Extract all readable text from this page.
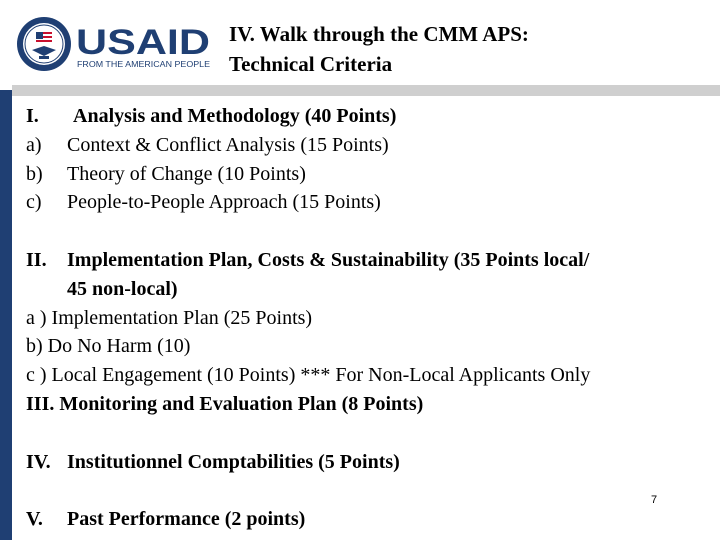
USAID
FROM THE AMERICAN PEOPLE
IV. Walk through the CMM APS:
Technical Criteria
I. Analysis and Methodology (40 Points)
a) Context & Conflict Analysis (15 Points)
b) Theory of Change (10 Points)
c) People-to-People Approach (15 Points)
II. Implementation Plan, Costs & Sustainability (35 Points local/
45 non-local)
a ) Implementation Plan (25 Points)
b) Do No Harm (10)
c ) Local Engagement (10 Points) *** For Non-Local Applicants Only
III. Monitoring and Evaluation Plan (8 Points)
IV. Institutionnel Comptabilities (5 Points)
V. Past Performance (2 points)
7
